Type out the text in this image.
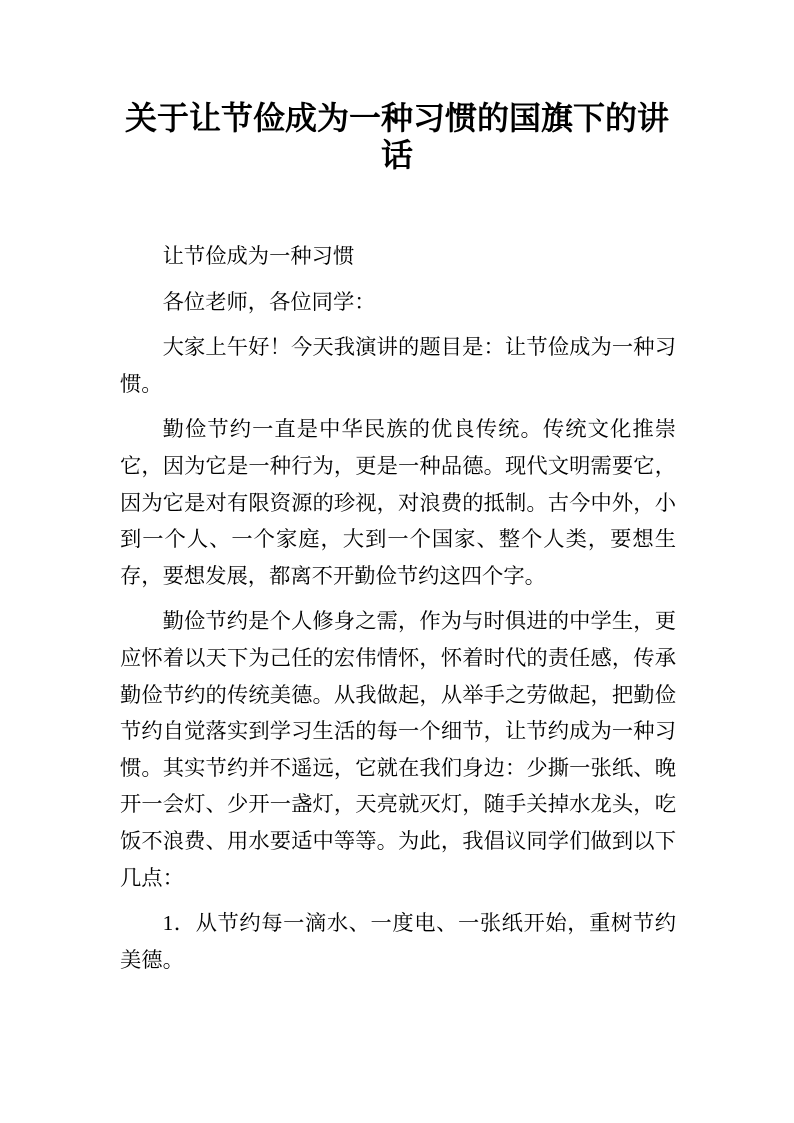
关于让节俭成为一种习惯的国旗下的讲话

让节俭成为一种习惯

各位老师，各位同学：

大家上午好！今天我演讲的题目是：让节俭成为一种习惯。

勤俭节约一直是中华民族的优良传统。传统文化推崇它，因为它是一种行为，更是一种品德。现代文明需要它，因为它是对有限资源的珍视，对浪费的抵制。古今中外，小到一个人、一个家庭，大到一个国家、整个人类，要想生存，要想发展，都离不开勤俭节约这四个字。

勤俭节约是个人修身之需，作为与时俱进的中学生，更应怀着以天下为己任的宏伟情怀，怀着时代的责任感，传承勤俭节约的传统美德。从我做起，从举手之劳做起，把勤俭节约自觉落实到学习生活的每一个细节，让节约成为一种习惯。其实节约并不遥远，它就在我们身边：少撕一张纸、晚开一会灯、少开一盏灯，天亮就灭灯，随手关掉水龙头，吃饭不浪费、用水要适中等等。为此，我倡议同学们做到以下几点：

1．从节约每一滴水、一度电、一张纸开始，重树节约美德。
